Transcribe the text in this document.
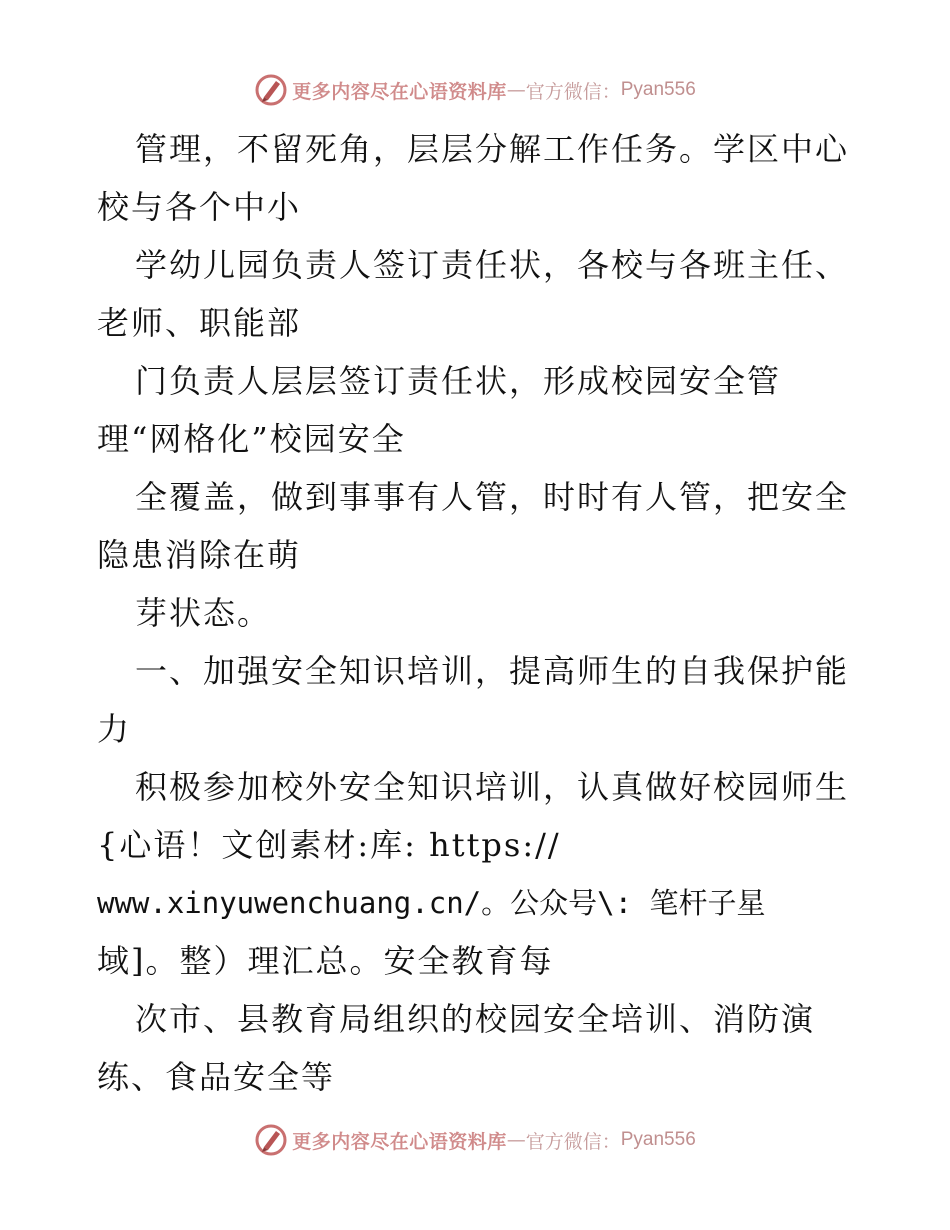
更多内容尽在心语资料库 — 官方微信： Pyan556
管理，不留死角，层层分解工作任务。学区中心
校与各个中小
学幼儿园负责人签订责任状，各校与各班主任、
老师、职能部
门负责人层层签订责任状，形成校园安全管
理“网格化”校园安全
全覆盖，做到事事有人管，时时有人管，把安全
隐患消除在萌
芽状态。
一、加强安全知识培训，提高师生的自我保护能
力
积极参加校外安全知识培训，认真做好校园师生
{心语！文创素材:库: https://
www.xinyuwenchuang.cn/。公众号\: 笔杆子星
域]。整）理汇总。安全教育每
次市、县教育局组织的校园安全培训、消防演
练、食品安全等
更多内容尽在心语资料库 — 官方微信： Pyan556
